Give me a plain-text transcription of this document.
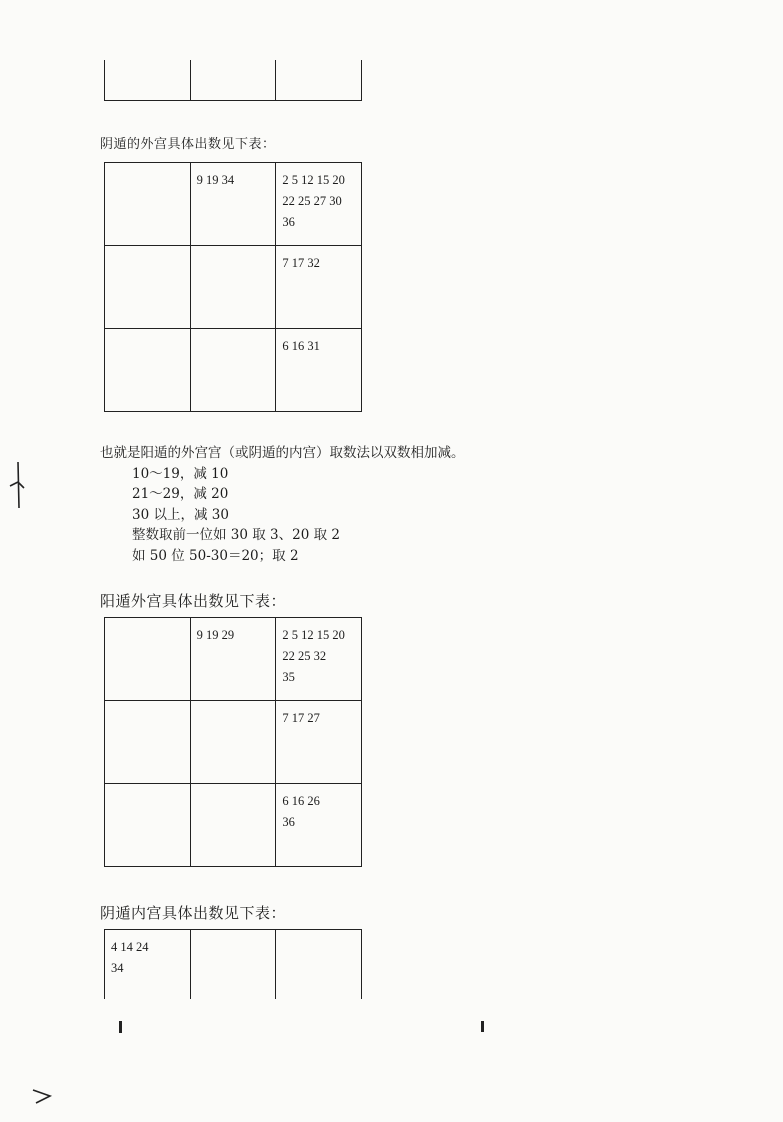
阴遁的外宫具体出数见下表：

	9 19 34	2 5 12 15 20
22 25 27 30
36

		7 17 32

		6 16 31

也就是阳遁的外宫宫（或阴遁的内宫）取数法以双数相加减。

10～19，减 10

21～29，减 20

30 以上，减 30

整数取前一位如 30 取 3、20 取 2

如 50 位 50-30＝20；取 2

阳遁外宫具体出数见下表：

	9 19 29	2 5 12 15 20
22 25 32
35

		7 17 27

		6 16 26
36
阴遁内宫具体出数见下表：
4 14 24
34
